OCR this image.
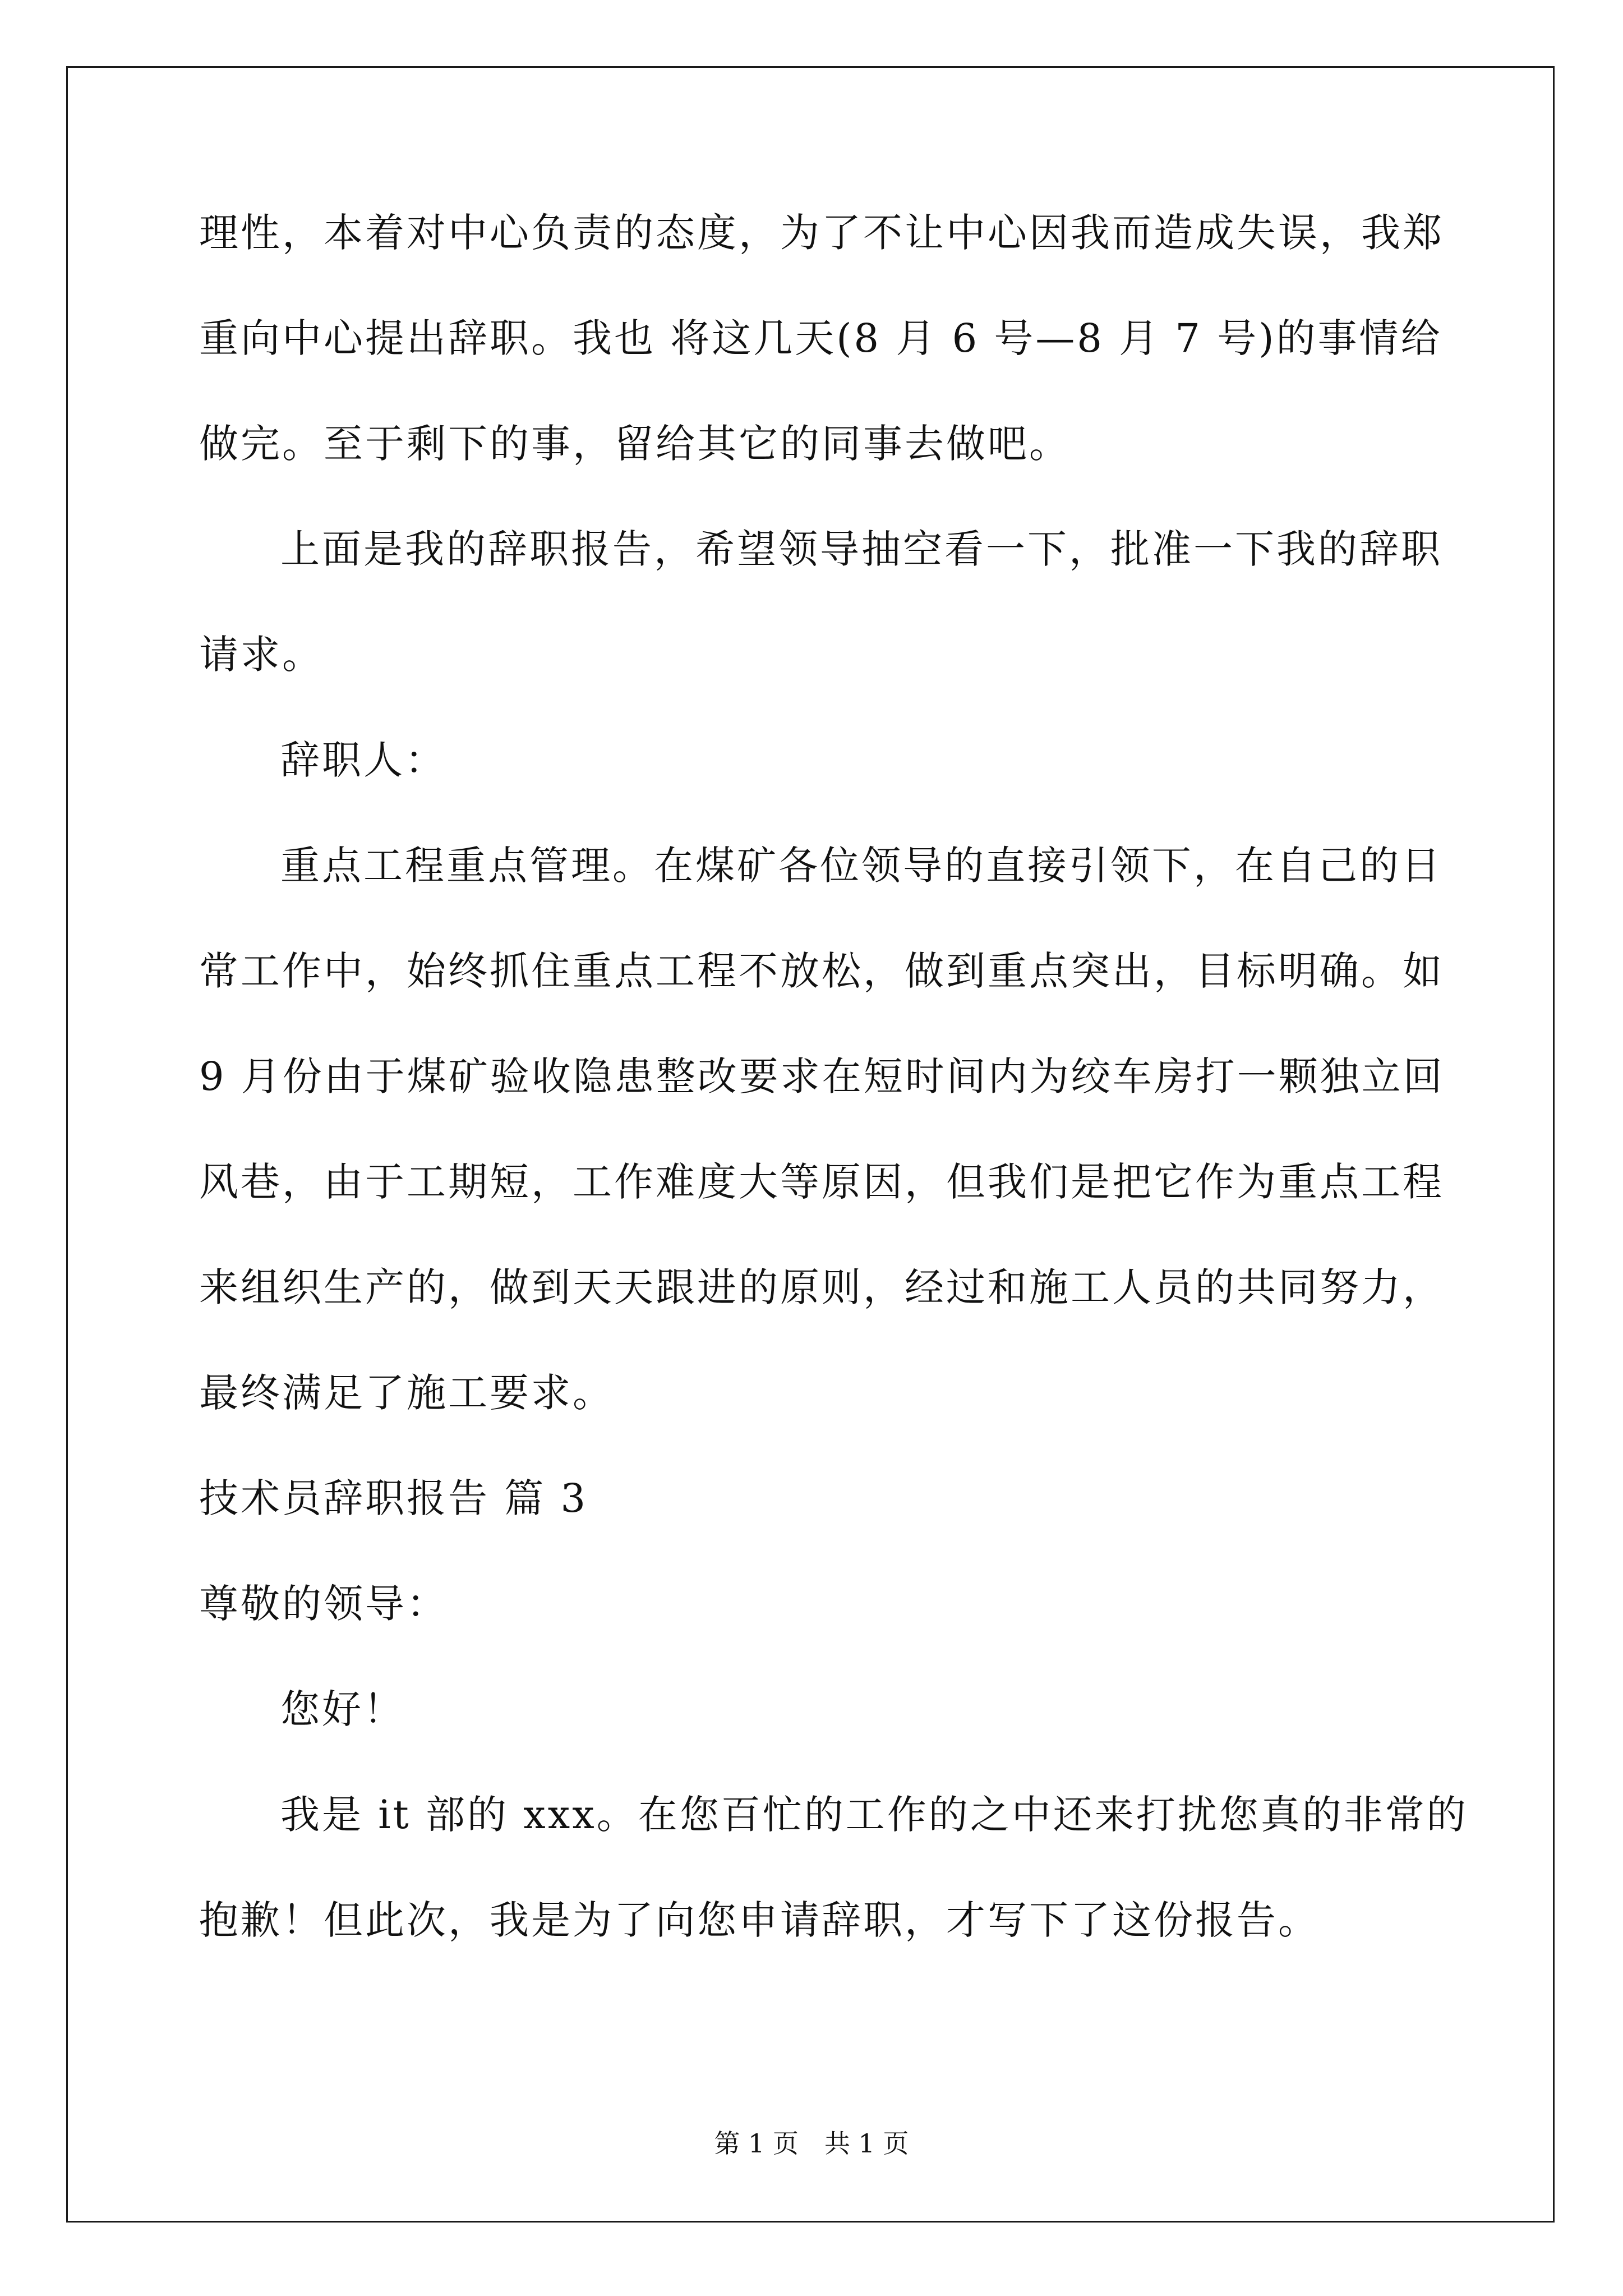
理性，本着对中心负责的态度，为了不让中心因我而造成失误，我郑
重向中心提出辞职。我也 将这几天(8 月 6 号—8 月 7 号)的事情给
做完。至于剩下的事，留给其它的同事去做吧。
上面是我的辞职报告，希望领导抽空看一下，批准一下我的辞职
请求。
辞职人：
重点工程重点管理。在煤矿各位领导的直接引领下，在自己的日
常工作中，始终抓住重点工程不放松，做到重点突出，目标明确。如
9 月份由于煤矿验收隐患整改要求在短时间内为绞车房打一颗独立回
风巷，由于工期短，工作难度大等原因，但我们是把它作为重点工程
来组织生产的，做到天天跟进的原则，经过和施工人员的共同努力，
最终满足了施工要求。
技术员辞职报告 篇 3
尊敬的领导：
您好！
我是 it 部的 xxx。在您百忙的工作的之中还来打扰您真的非常的
抱歉！但此次，我是为了向您申请辞职，才写下了这份报告。
第 1 页　共 1 页
